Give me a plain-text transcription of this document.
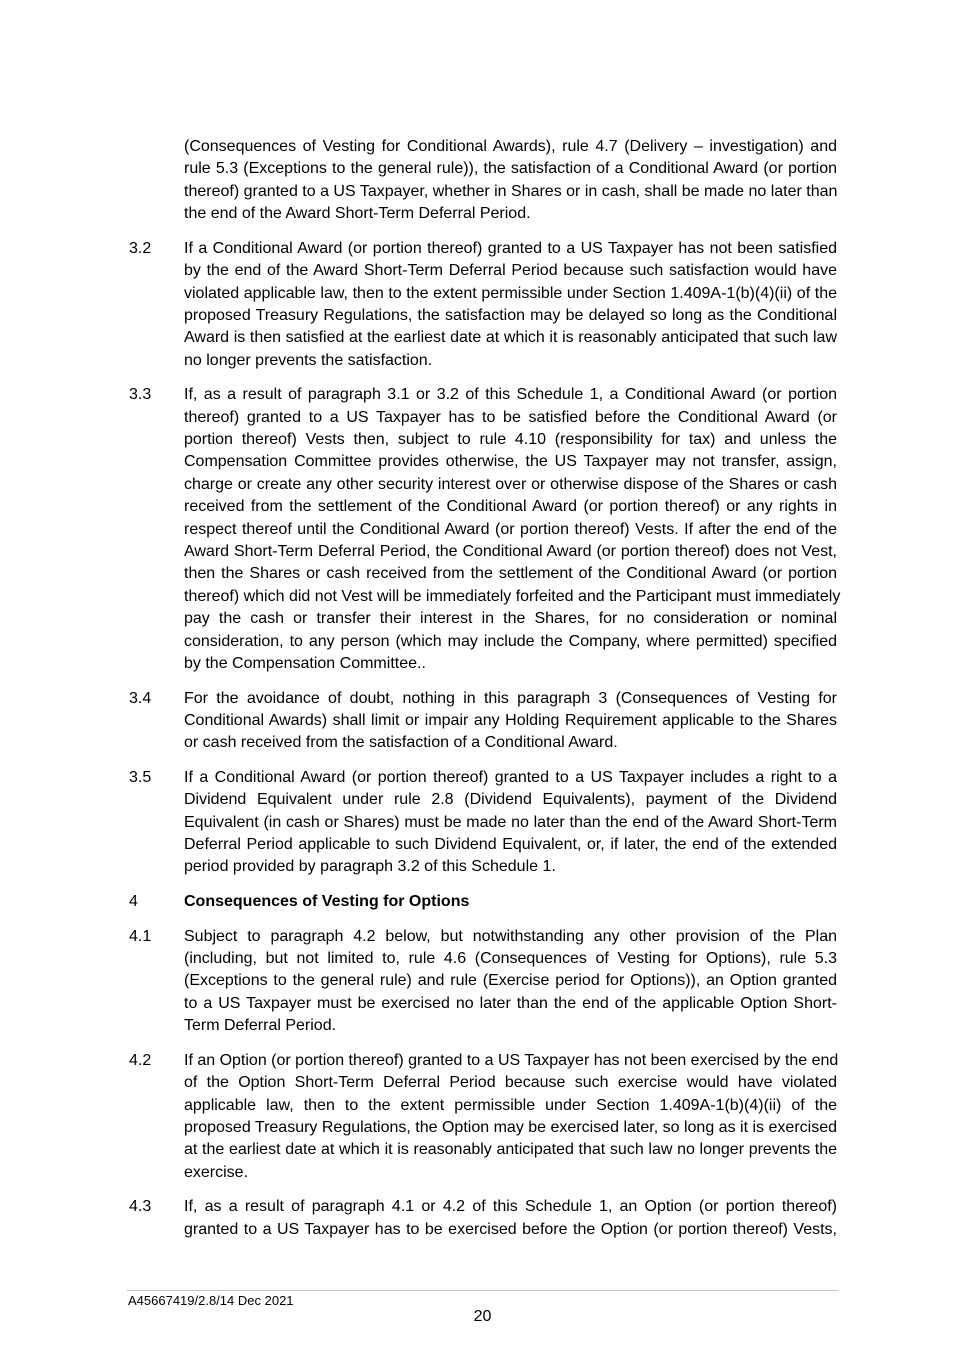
(Consequences of Vesting for Conditional Awards), rule 4.7 (Delivery – investigation) and
rule 5.3 (Exceptions to the general rule)), the satisfaction of a Conditional Award (or portion
thereof) granted to a US Taxpayer, whether in Shares or in cash, shall be made no later than
the end of the Award Short-Term Deferral Period.
3.2 If a Conditional Award (or portion thereof) granted to a US Taxpayer has not been satisfied
by the end of the Award Short-Term Deferral Period because such satisfaction would have
violated applicable law, then to the extent permissible under Section 1.409A-1(b)(4)(ii) of the
proposed Treasury Regulations, the satisfaction may be delayed so long as the Conditional
Award is then satisfied at the earliest date at which it is reasonably anticipated that such law
no longer prevents the satisfaction.
3.3 If, as a result of paragraph 3.1 or 3.2 of this Schedule 1, a Conditional Award (or portion
thereof) granted to a US Taxpayer has to be satisfied before the Conditional Award (or
portion thereof) Vests then, subject to rule 4.10 (responsibility for tax) and unless the
Compensation Committee provides otherwise, the US Taxpayer may not transfer, assign,
charge or create any other security interest over or otherwise dispose of the Shares or cash
received from the settlement of the Conditional Award (or portion thereof) or any rights in
respect thereof until the Conditional Award (or portion thereof) Vests. If after the end of the
Award Short-Term Deferral Period, the Conditional Award (or portion thereof) does not Vest,
then the Shares or cash received from the settlement of the Conditional Award (or portion
thereof) which did not Vest will be immediately forfeited and the Participant must immediately
pay the cash or transfer their interest in the Shares, for no consideration or nominal
consideration, to any person (which may include the Company, where permitted) specified
by the Compensation Committee..
3.4 For the avoidance of doubt, nothing in this paragraph 3 (Consequences of Vesting for
Conditional Awards) shall limit or impair any Holding Requirement applicable to the Shares
or cash received from the satisfaction of a Conditional Award.
3.5 If a Conditional Award (or portion thereof) granted to a US Taxpayer includes a right to a
Dividend Equivalent under rule 2.8 (Dividend Equivalents), payment of the Dividend
Equivalent (in cash or Shares) must be made no later than the end of the Award Short-Term
Deferral Period applicable to such Dividend Equivalent, or, if later, the end of the extended
period provided by paragraph 3.2 of this Schedule 1.
4	Consequences of Vesting for Options
4.1 Subject to paragraph 4.2 below, but notwithstanding any other provision of the Plan
(including, but not limited to, rule 4.6 (Consequences of Vesting for Options), rule 5.3
(Exceptions to the general rule) and rule (Exercise period for Options)), an Option granted
to a US Taxpayer must be exercised no later than the end of the applicable Option Short-
Term Deferral Period.
4.2 If an Option (or portion thereof) granted to a US Taxpayer has not been exercised by the end
of the Option Short-Term Deferral Period because such exercise would have violated
applicable law, then to the extent permissible under Section 1.409A-1(b)(4)(ii) of the
proposed Treasury Regulations, the Option may be exercised later, so long as it is exercised
at the earliest date at which it is reasonably anticipated that such law no longer prevents the
exercise.
4.3 If, as a result of paragraph 4.1 or 4.2 of this Schedule 1, an Option (or portion thereof)
granted to a US Taxpayer has to be exercised before the Option (or portion thereof) Vests,
A45667419/2.8/14 Dec 2021
20
